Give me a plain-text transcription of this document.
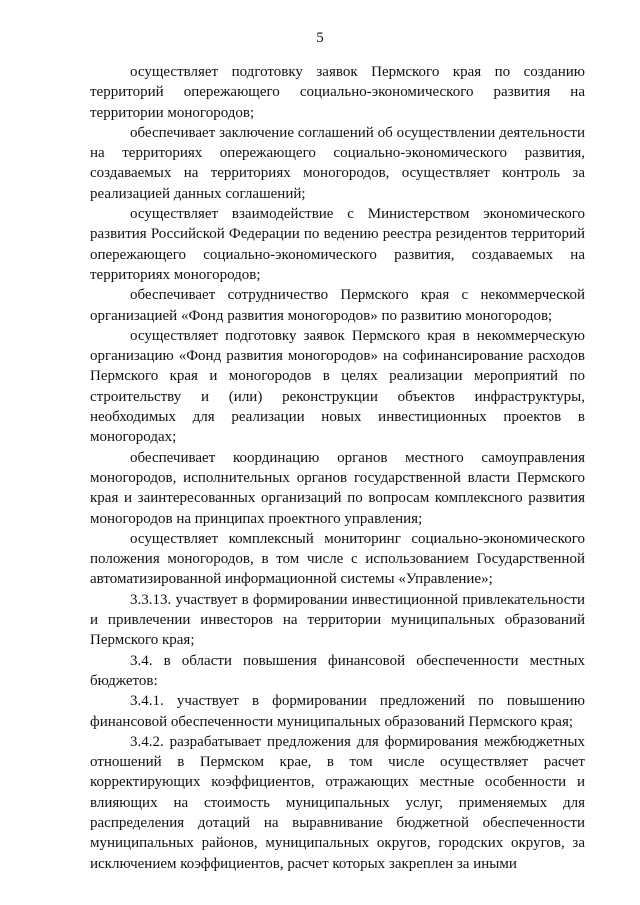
5

осуществляет подготовку заявок Пермского края по созданию территорий опережающего социально-экономического развития на территории моногородов;

обеспечивает заключение соглашений об осуществлении деятельности на территориях опережающего социально-экономического развития, создаваемых на территориях моногородов, осуществляет контроль за реализацией данных соглашений;

осуществляет взаимодействие с Министерством экономического развития Российской Федерации по ведению реестра резидентов территорий опережающего социально-экономического развития, создаваемых на территориях моногородов;

обеспечивает сотрудничество Пермского края с некоммерческой организацией «Фонд развития моногородов» по развитию моногородов;

осуществляет подготовку заявок Пермского края в некоммерческую организацию «Фонд развития моногородов» на софинансирование расходов Пермского края и моногородов в целях реализации мероприятий по строительству и (или) реконструкции объектов инфраструктуры, необходимых для реализации новых инвестиционных проектов в моногородах;

обеспечивает координацию органов местного самоуправления моногородов, исполнительных органов государственной власти Пермского края и заинтересованных организаций по вопросам комплексного развития моногородов на принципах проектного управления;

осуществляет комплексный мониторинг социально-экономического положения моногородов, в том числе с использованием Государственной автоматизированной информационной системы «Управление»;

3.3.13. участвует в формировании инвестиционной привлекательности и привлечении инвесторов на территории муниципальных образований Пермского края;

3.4. в области повышения финансовой обеспеченности местных бюджетов:

3.4.1. участвует в формировании предложений по повышению финансовой обеспеченности муниципальных образований Пермского края;

3.4.2. разрабатывает предложения для формирования межбюджетных отношений в Пермском крае, в том числе осуществляет расчет корректирующих коэффициентов, отражающих местные особенности и влияющих на стоимость муниципальных услуг, применяемых для распределения дотаций на выравнивание бюджетной обеспеченности муниципальных районов, муниципальных округов, городских округов, за исключением коэффициентов, расчет которых закреплен за иными
